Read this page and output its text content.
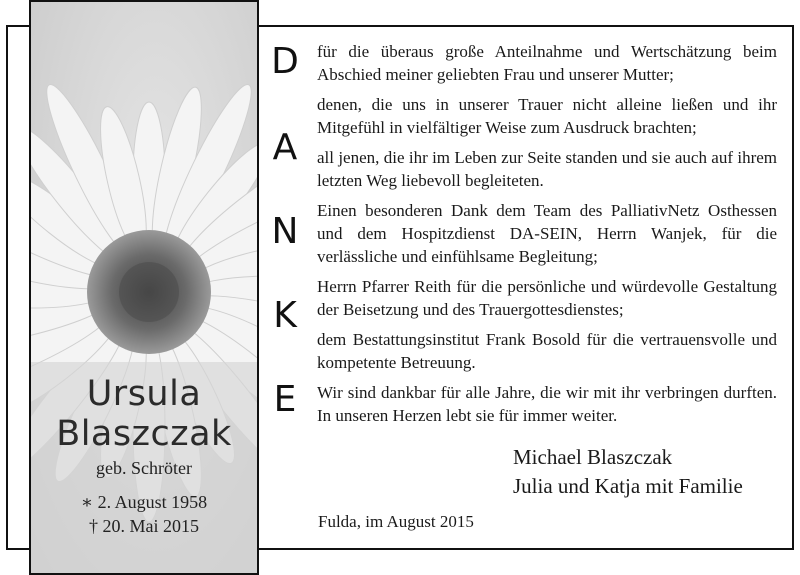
Ursula
Blaszczak
geb. Schröter
∗ 2. August 1958
† 20. Mai 2015
D
A
N
K
E

für die überaus große Anteilnahme und Wertschätzung beim Abschied meiner geliebten Frau und unserer Mutter;

denen, die uns in unserer Trauer nicht alleine ließen und ihr Mitgefühl in vielfältiger Weise zum Ausdruck brachten;

all jenen, die ihr im Leben zur Seite standen und sie auch auf ihrem letzten Weg liebevoll begleiteten.

Einen besonderen Dank dem Team des PalliativNetz Osthessen und dem Hospitzdienst DA-SEIN, Herrn Wanjek, für die verlässliche und einfühlsame Begleitung;

Herrn Pfarrer Reith für die persönliche und würdevolle Gestaltung der Beisetzung und des Trauergottesdienstes;

dem Bestattungsinstitut Frank Bosold für die vertrauensvolle und kompetente Betreuung.

Wir sind dankbar für alle Jahre, die wir mit ihr verbringen durften. In unseren Herzen lebt sie für immer weiter.

Michael Blaszczak
Julia und Katja mit Familie
Fulda, im August 2015
